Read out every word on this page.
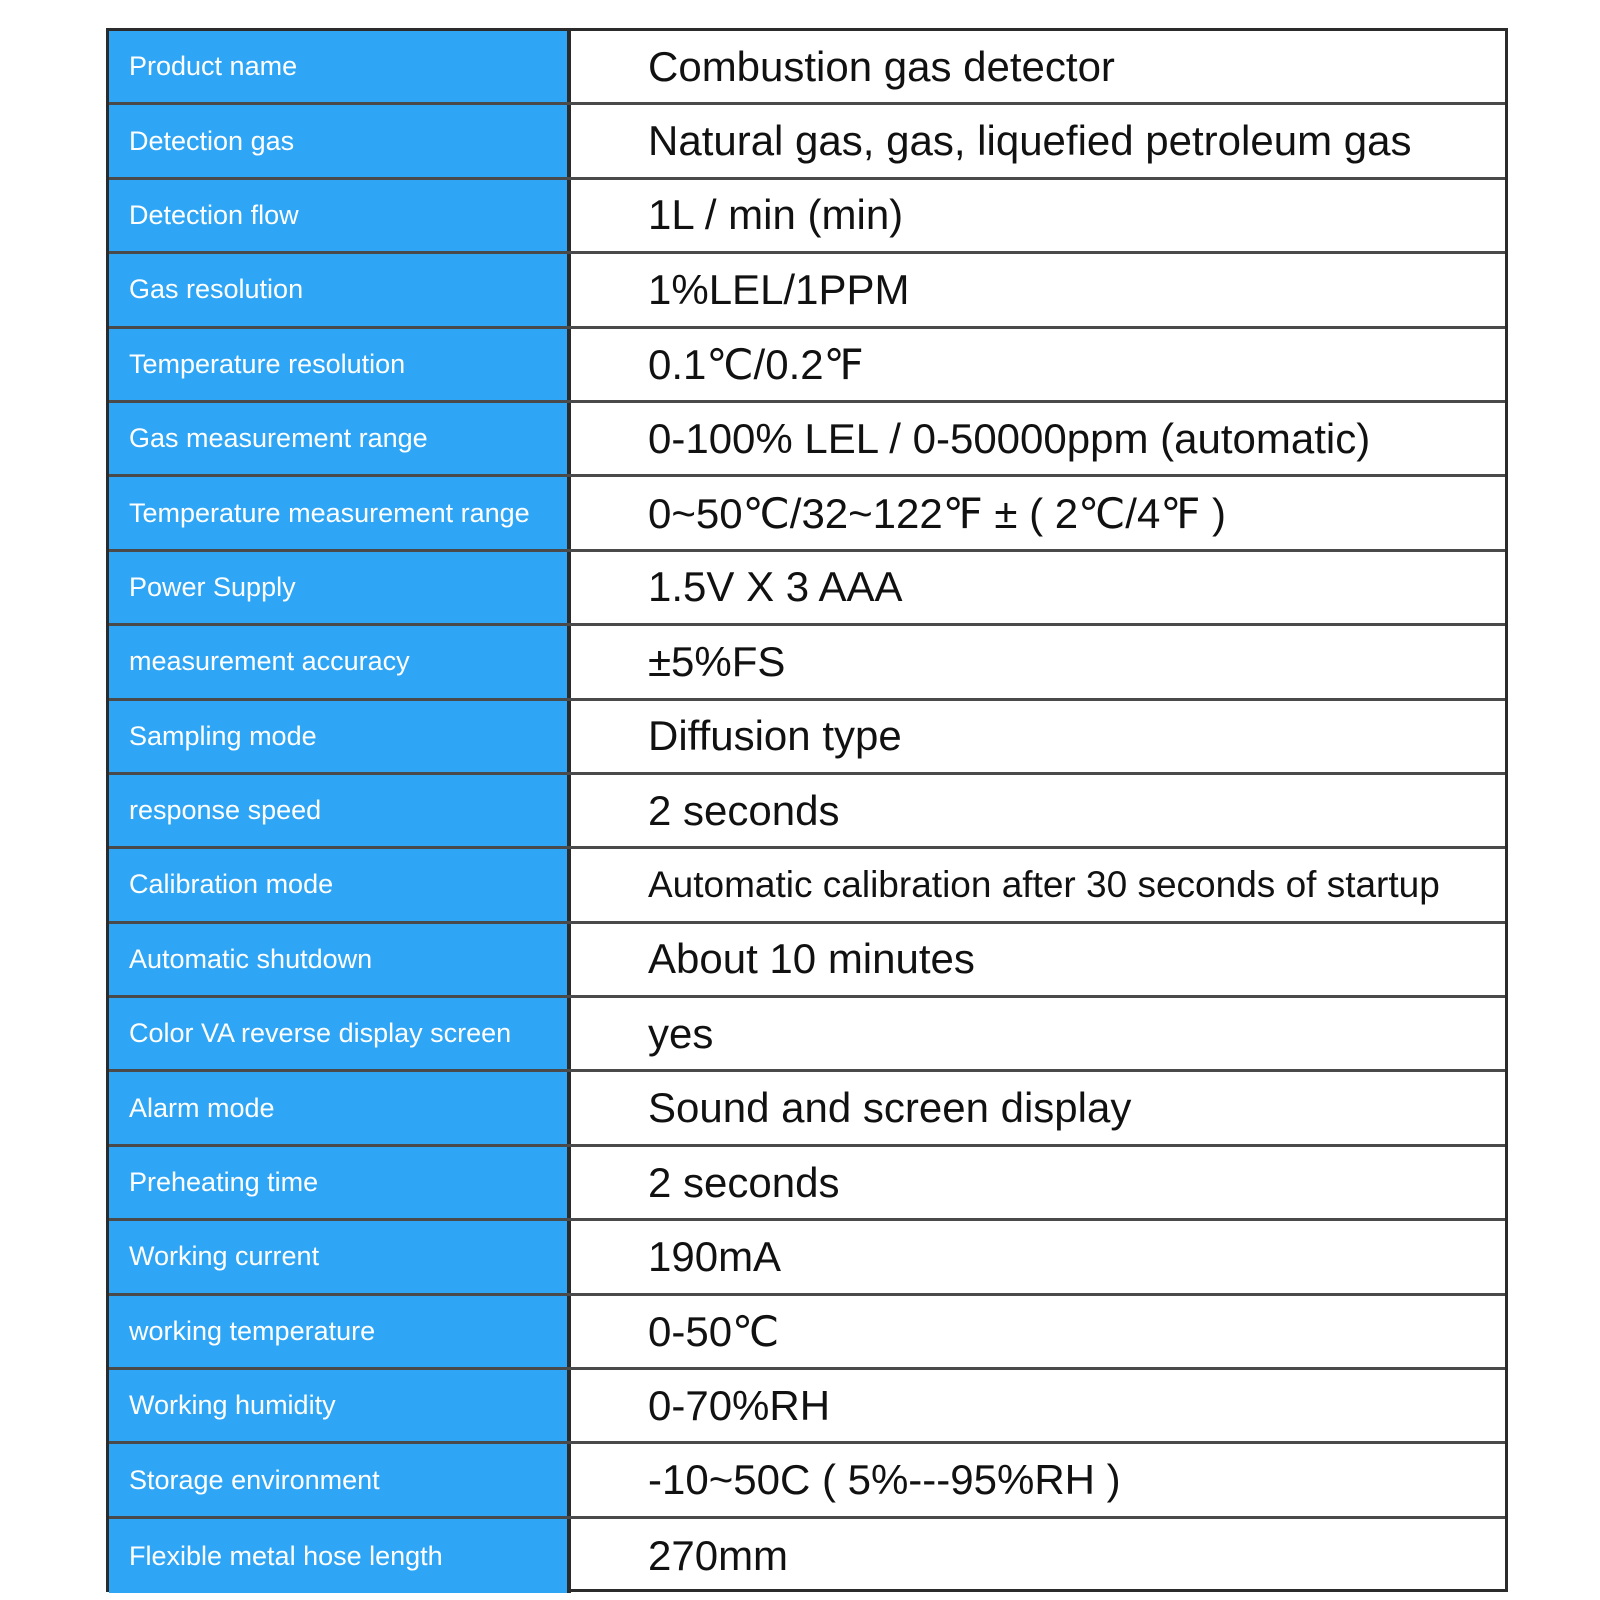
Product name	Combustion gas detector
Detection gas	Natural gas, gas, liquefied petroleum gas
Detection flow	1L / min (min)
Gas resolution	1%LEL/1PPM
Temperature resolution	0.1℃/0.2℉
Gas measurement range	0-100% LEL / 0-50000ppm (automatic)
Temperature measurement range	0~50℃/32~122℉ ± ( 2℃/4℉ )
Power Supply	1.5V X 3 AAA
measurement accuracy	±5%FS
Sampling mode	Diffusion type
response speed	2 seconds
Calibration mode	Automatic calibration after 30 seconds of startup
Automatic shutdown	About 10 minutes
Color VA reverse display screen	yes
Alarm mode	Sound and screen display
Preheating time	2 seconds
Working current	190mA
working temperature	0-50℃
Working humidity	0-70%RH
Storage environment	-10~50C ( 5%---95%RH )
Flexible metal hose length	270mm
